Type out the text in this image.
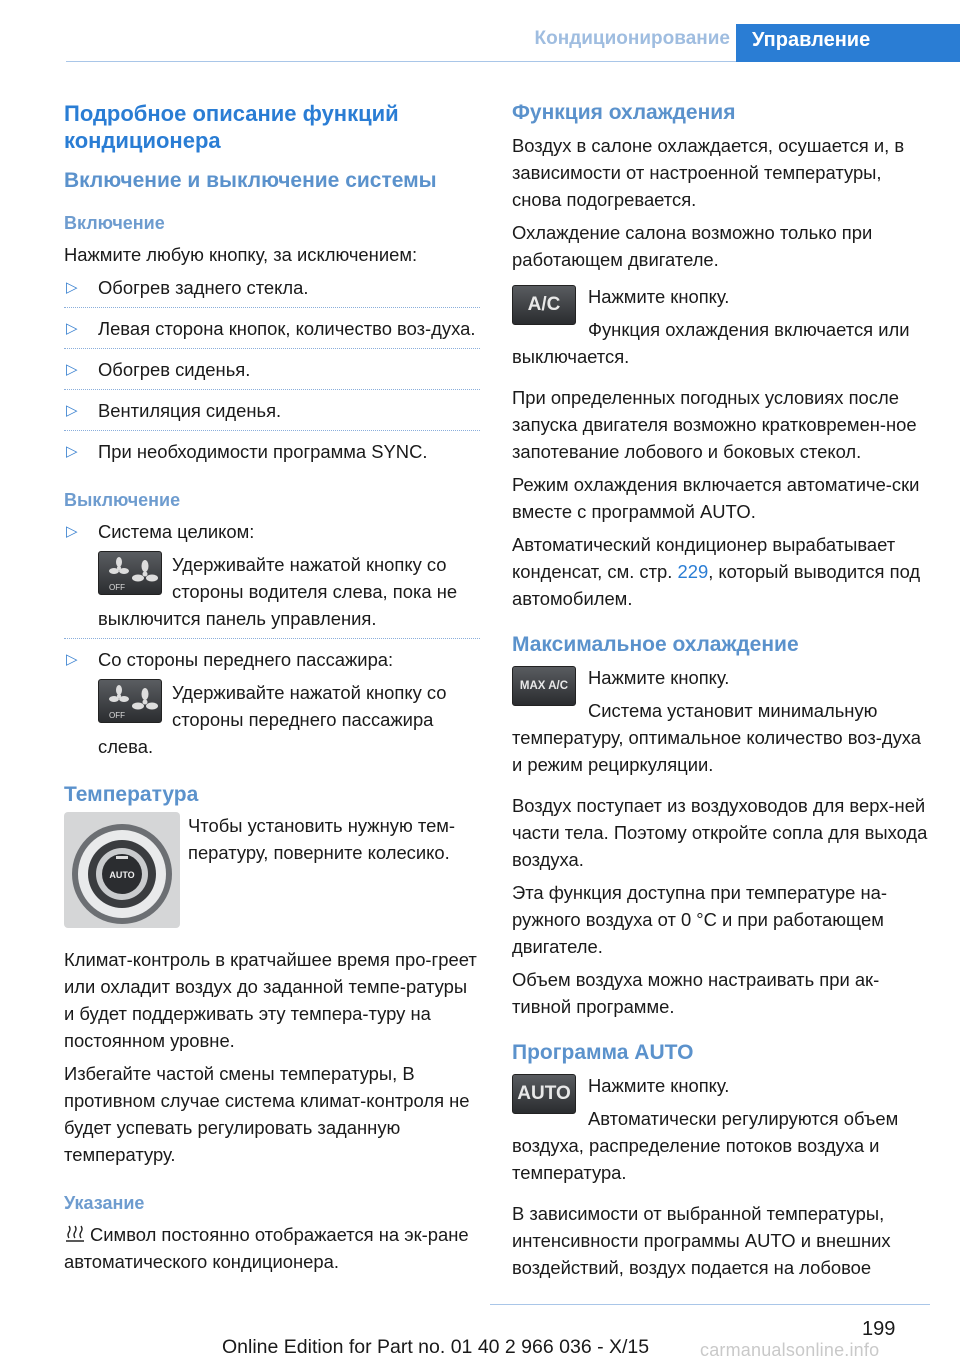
Кондиционирование	Управление
Подробное описание функций кондиционера
Включение и выключение системы
Включение
Нажмите любую кнопку, за исключением:
▷ Обогрев заднего стекла.
▷ Левая сторона кнопок, количество воз-духа.
▷ Обогрев сиденья.
▷ Вентиляция сиденья.
▷ При необходимости программа SYNC.
Выключение
▷ Система целиком:
OFF
Удерживайте нажатой кнопку со стороны водителя слева, пока не выключится панель управления.
▷ Со стороны переднего пассажира:
OFF
Удерживайте нажатой кнопку со стороны переднего пассажира слева.
Температура
AUTO
Чтобы установить нужную тем-пературу, поверните колесико.
Климат-контроль в кратчайшее время про-греет или охладит воздух до заданной темпе-ратуры и будет поддерживать эту темпера-туру на постоянном уровне.
Избегайте частой смены температуры, В противном случае система климат-контроля не будет успевать регулировать заданную температуру.
Указание
Символ постоянно отображается на эк-ране автоматического кондиционера.
Функция охлаждения
Воздух в салоне охлаждается, осушается и, в зависимости от настроенной температуры, снова подогревается.
Охлаждение салона возможно только при работающем двигателе.
A/C	Нажмите кнопку.
Функция охлаждения включается или выключается.
При определенных погодных условиях после запуска двигателя возможно кратковремен-ное запотевание лобового и боковых стекол.
Режим охлаждения включается автоматиче-ски вместе с программой AUTO.
Автоматический кондиционер вырабатывает конденсат, см. стр. 229, который выводится под автомобилем.
Максимальное охлаждение
MAX A/C	Нажмите кнопку.
Система установит минимальную температуру, оптимальное количество воз-духа и режим рециркуляции.
Воздух поступает из воздуховодов для верх-ней части тела. Поэтому откройте сопла для выхода воздуха.
Эта функция доступна при температуре на-ружного воздуха от 0 °C и при работающем двигателе.
Объем воздуха можно настраивать при ак-тивной программе.
Программа AUTO
AUTO Нажмите кнопку.
Автоматически регулируются объем воздуха, распределение потоков воздуха и температура.
В зависимости от выбранной температуры, интенсивности программы AUTO и внешних воздействий, воздух подается на лобовое
199
Online Edition for Part no. 01 40 2 966 036 - X/15	carmanualsonline.info
